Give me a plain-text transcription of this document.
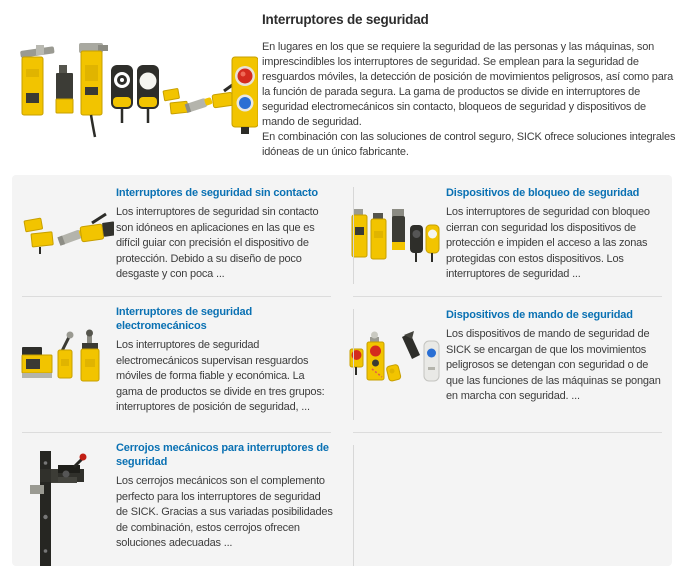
Interruptores de seguridad
En lugares en los que se requiere la seguridad de las personas y las máquinas, son imprescindibles los interruptores de seguridad. Se emplean para la seguridad de resguardos móviles, la detección de posición de movimientos peligrosos, así como para la función de parada segura. La gama de productos se divide en interruptores de seguridad electromecánicos sin contacto, bloqueos de seguridad y dispositivos de mando de seguridad.
En combinación con las soluciones de control seguro, SICK ofrece soluciones integrales idóneas de un único fabricante.
Interruptores de seguridad sin contacto
Los interruptores de seguridad sin contacto son idóneos en aplicaciones en las que es difícil guiar con precisión el dispositivo de protección. Debido a su diseño de poco desgaste y con poca ...
Dispositivos de bloqueo de seguridad
Los interruptores de seguridad con bloqueo cierran con seguridad los dispositivos de protección e impiden el acceso a las zonas protegidas con estos dispositivos. Los interruptores de seguridad ...
Interruptores de seguridad electromecánicos
Los interruptores de seguridad electromecánicos supervisan resguardos móviles de forma fiable y económica. La gama de productos se divide en tres grupos: interruptores de posición de seguridad, ...
Dispositivos de mando de seguridad
Los dispositivos de mando de seguridad de SICK se encargan de que los movimientos peligrosos se detengan con seguridad o de que las funciones de las máquinas se pongan en marcha con seguridad. ...
Cerrojos mecánicos para interruptores de seguridad
Los cerrojos mecánicos son el complemento perfecto para los interruptores de seguridad de SICK. Gracias a sus variadas posibilidades de combinación, estos cerrojos ofrecen soluciones adecuadas ...
